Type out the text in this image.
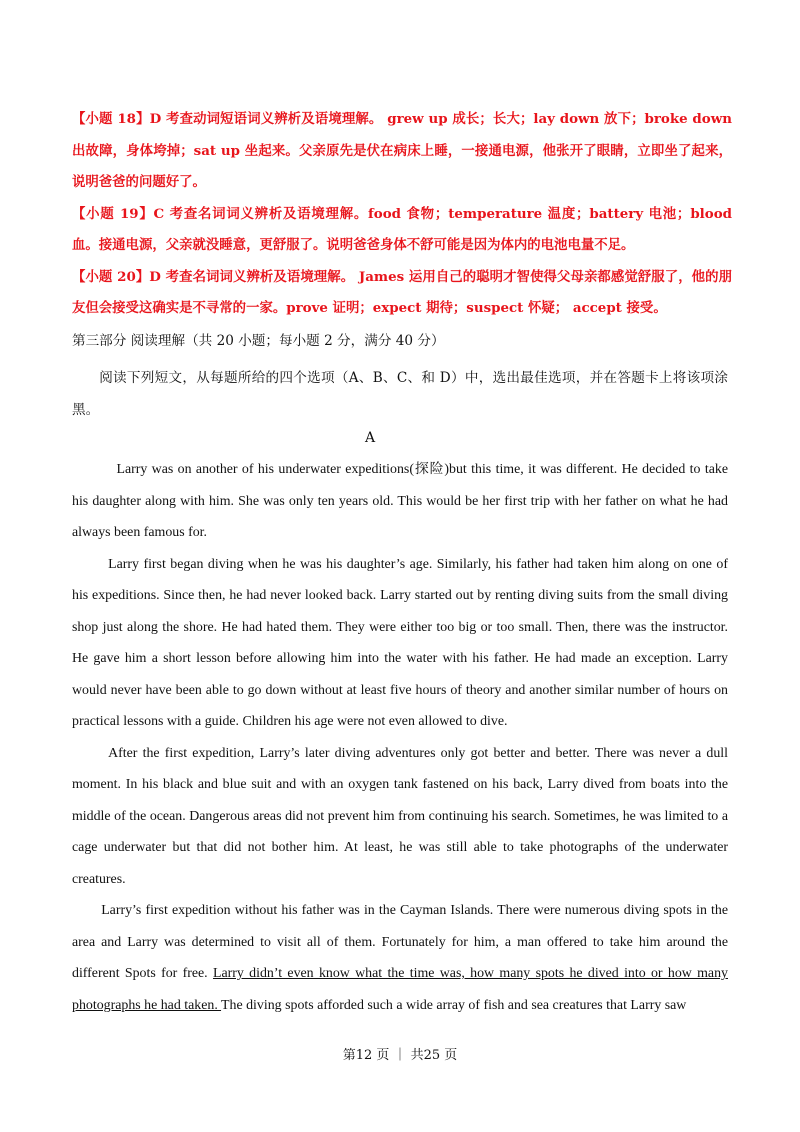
【小题 18】D 考查动词短语词义辨析及语境理解。 grew up 成长；长大；lay down 放下；broke down 出故障，身体垮掉；sat up 坐起来。父亲原先是伏在病床上睡，一接通电源，他张开了眼睛，立即坐了起来，说明爸爸的问题好了。

【小题 19】C 考查名词词义辨析及语境理解。food 食物；temperature 温度；battery 电池；blood 血。接通电源，父亲就没睡意，更舒服了。说明爸爸身体不舒可能是因为体内的电池电量不足。

【小题 20】D 考查名词词义辨析及语境理解。 James 运用自己的聪明才智使得父母亲都感觉舒服了，他的朋友但会接受这确实是不寻常的一家。prove 证明；expect 期待；suspect 怀疑； accept 接受。

第三部分 阅读理解（共 20 小题；每小题 2 分，满分 40 分）

阅读下列短文，从每题所给的四个选项（A、B、C、和 D）中，选出最佳选项，并在答题卡上将该项涂黑。

A

Larry was on another of his underwater expeditions(探险)but this time, it was different. He decided to take his daughter along with him. She was only ten years old. This would be her first trip with her father on what he had always been famous for.

Larry first began diving when he was his daughter’s age. Similarly, his father had taken him along on one of his expeditions. Since then, he had never looked back. Larry started out by renting diving suits from the small diving shop just along the shore. He had hated them. They were either too big or too small. Then, there was the instructor. He gave him a short lesson before allowing him into the water with his father. He had made an exception. Larry would never have been able to go down without at least five hours of theory and another similar number of hours on practical lessons with a guide. Children his age were not even allowed to dive.

After the first expedition, Larry’s later diving adventures only got better and better. There was never a dull moment. In his black and blue suit and with an oxygen tank fastened on his back, Larry dived from boats into the middle of the ocean. Dangerous areas did not prevent him from continuing his search. Sometimes, he was limited to a cage underwater but that did not bother him. At least, he was still able to take photographs of the underwater creatures.

Larry’s first expedition without his father was in the Cayman Islands. There were numerous diving spots in the area and Larry was determined to visit all of them. Fortunately for him, a man offered to take him around the different Spots for free. Larry didn’t even know what the time was, how many spots he dived into or how many photographs he had taken. The diving spots afforded such a wide array of fish and sea creatures that Larry saw

第12 页 ｜ 共25 页
